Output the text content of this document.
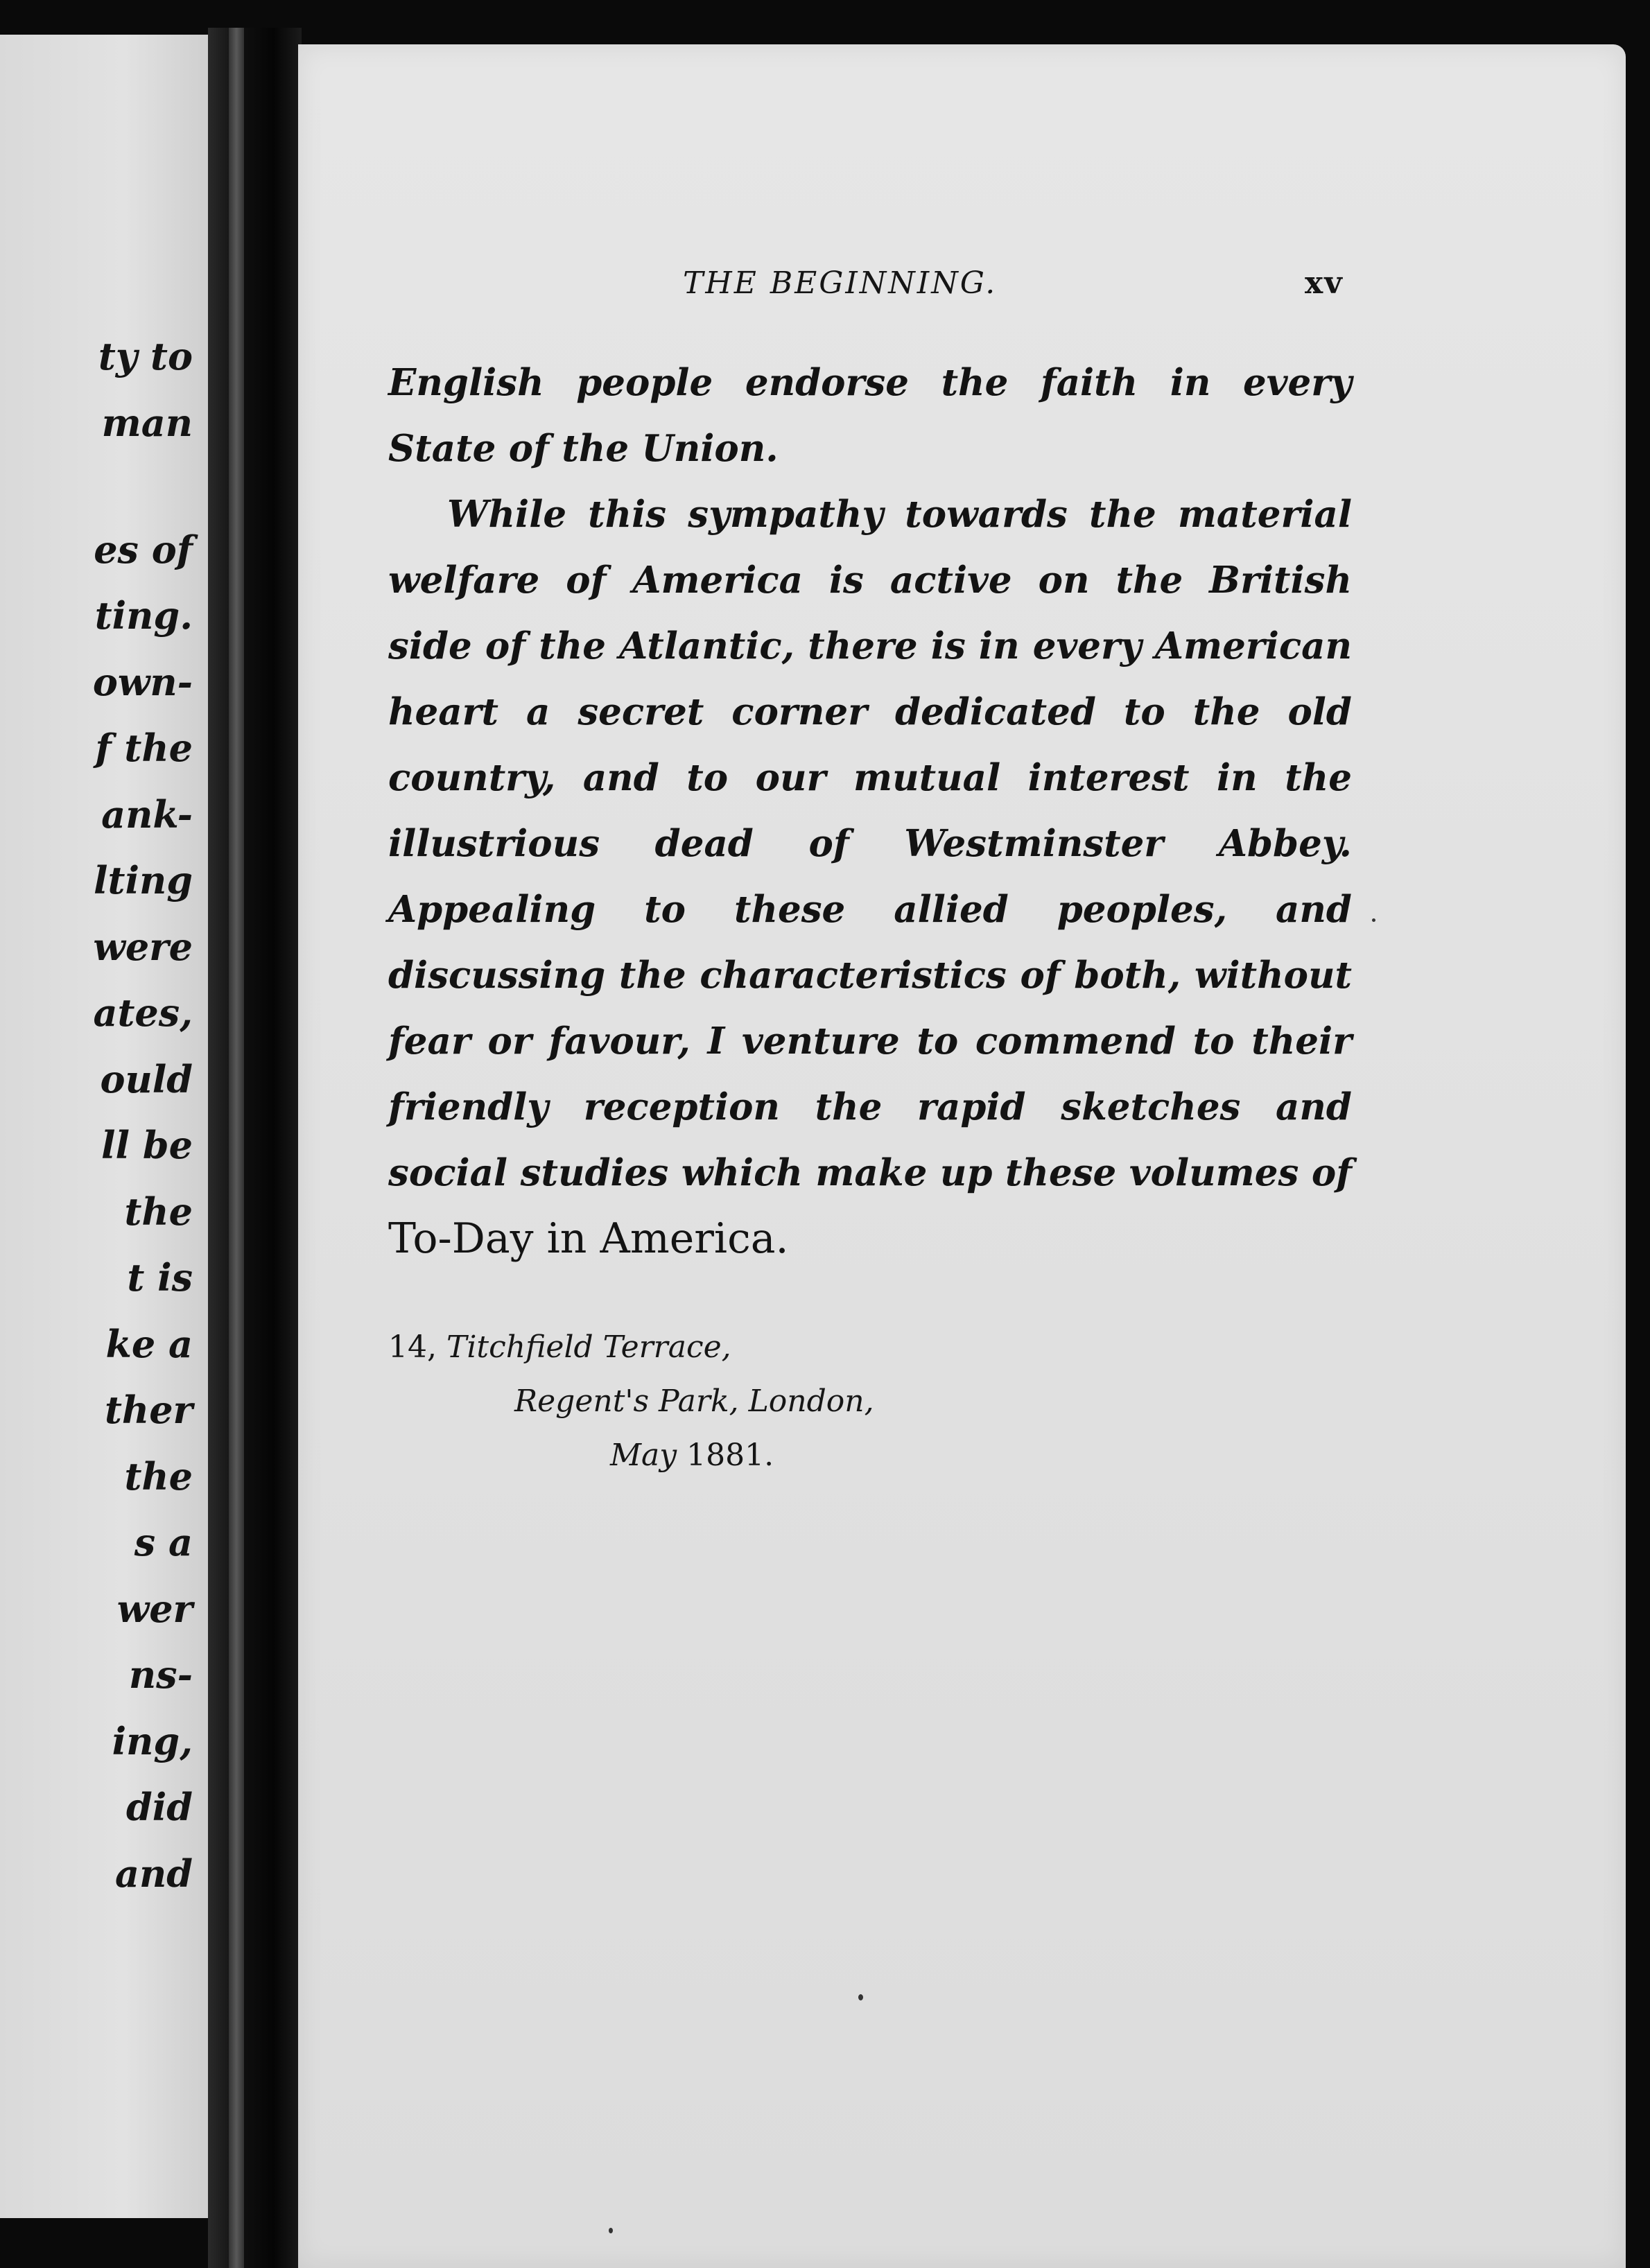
ty to
man
es of
ting.
own-
f the
ank-
lting
were
ates,
ould
ll be
the
t is
ke a
ther
the
s a
wer
ns-
ing,
did
and
THE BEGINNING.	xv

English people endorse the faith in every State of the Union.

While this sympathy towards the material welfare of America is active on the British side of the Atlantic, there is in every American heart a secret corner dedicated to the old country, and to our mutual interest in the illustrious dead of Westminster Abbey. Appealing to these allied peoples, and discussing the characteristics of both, without fear or favour, I venture to commend to their friendly reception the rapid sketches and social studies which make up these volumes of To-Day in America.

14, Titchfield Terrace,
Regent's Park, London,
May 1881.
